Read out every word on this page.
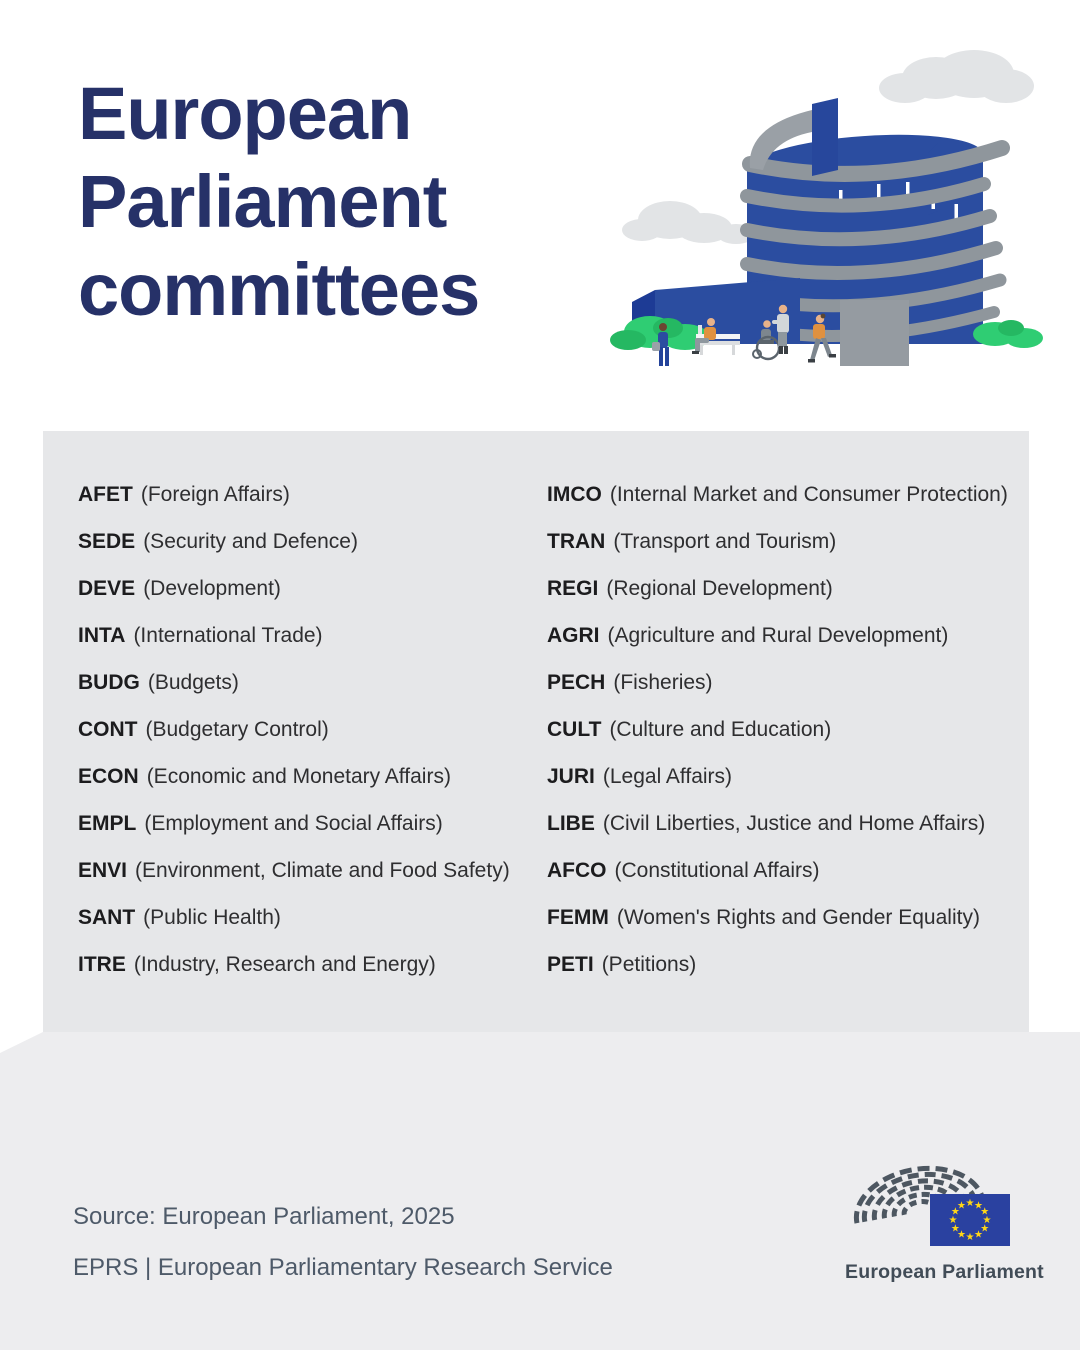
European
Parliament
committees
AFET (Foreign Affairs)
SEDE (Security and Defence)
DEVE (Development)
INTA (International Trade)
BUDG (Budgets)
CONT (Budgetary Control)
ECON (Economic and Monetary Affairs)
EMPL (Employment and Social Affairs)
ENVI (Environment, Climate and Food Safety)
SANT (Public Health)
ITRE (Industry, Research and Energy)
IMCO (Internal Market and Consumer Protection)
TRAN (Transport and Tourism)
REGI (Regional Development)
AGRI (Agriculture and Rural Development)
PECH (Fisheries)
CULT (Culture and Education)
JURI (Legal Affairs)
LIBE (Civil Liberties, Justice and Home Affairs)
AFCO (Constitutional Affairs)
FEMM (Women's Rights and Gender Equality)
PETI (Petitions)
Source: European Parliament, 2025
EPRS | European Parliamentary Research Service
★ ★
★
★
★
★
★
★
★
★
★
★
European Parliament
